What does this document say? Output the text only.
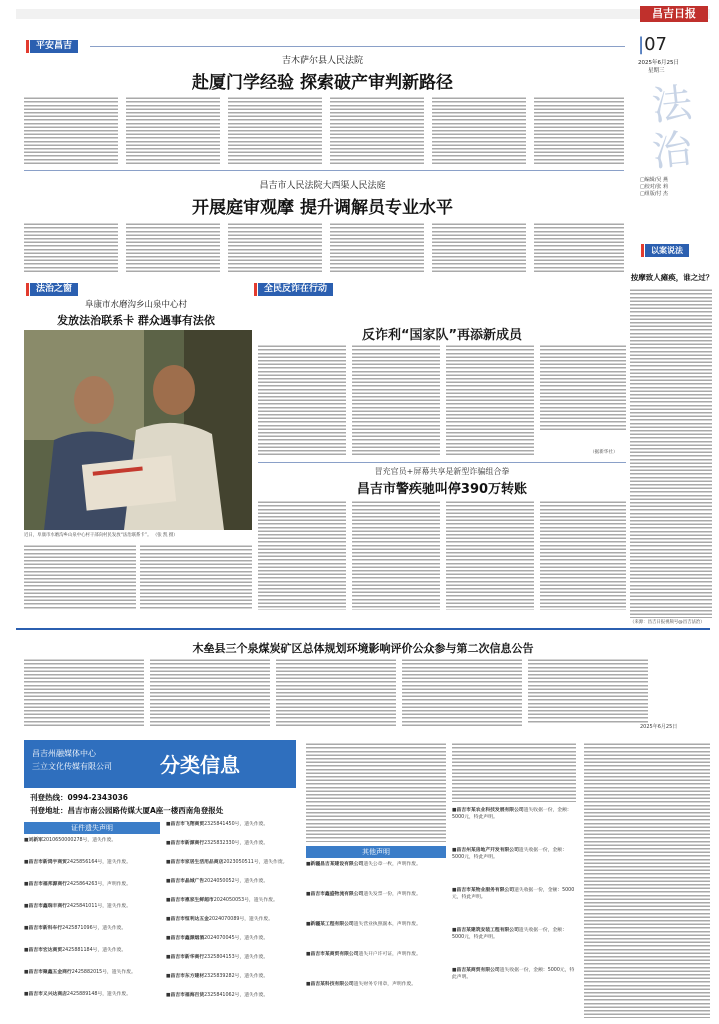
昌吉日报
|07
2025年6月25日
星期三
法
治
□编辑/吴 燕
□校对/张 莉
□组版/付 杰
平安昌吉
吉木萨尔县人民法院
赴厦门学经验 探索破产审判新路径
昌吉市人民法院大西渠人民法庭
开展庭审观摩 提升调解员专业水平
以案说法
按摩致人瘫痪，谁之过？
（来源：昌吉日报视频号@昌吉法治）
法治之窗	全民反诈在行动
阜康市水磨沟乡山泉中心村
发放法治联系卡 群众遇事有法依
近日，阜康市水磨沟乡山泉中心村干部向村民发放“法治联系卡”。 （张 凯 摄）
反诈利“国家队”再添新成员
（据新华社）
冒充官员+屏幕共享是新型诈骗组合拳
昌吉市警疾驰叫停390万转账
木垒县三个泉煤炭矿区总体规划环境影响评价公众参与第二次信息公告
2025年6月25日
昌吉州融媒体中心
三立文化传媒有限公司 分类信息
刊登热线：0994-2343036
刊登地址：昌吉市南公园路传媒大厦A座一楼西南角登报处
证件遗失声明
■刘新军2010650000278号，遗失作废。
■昌吉市新鸿宇商贸2425856164号，遗失作废。
■昌吉市福邦源商行2425864263号，声明作废。
■昌吉市鑫瑞丰商行2425841011号，遗失作废。
■昌吉市新科车行2425871096号，遗失作废。
■昌吉市宏达商贸2425881184号，遗失作废。
■昌吉市聚鑫五金商行2425882015号，遗失作废。
■昌吉市义兴达商店2425889148号，遗失作废。
■昌吉市飞翔商贸2325841450号，遗失作废。
■昌吉市新源商行2325832330号，遗失作废。
■昌吉市家居生活用品商店2023050511号，遗失作废。
■昌吉市晶城广告2024050052号，遗失作废。
■昌吉市惠家生鲜超市2024050053号，遗失作废。
■昌吉市恒利达五金2024070089号，遗失作废。
■昌吉市鑫源烟酒2024070045号，遗失作废。
■昌吉市新华商行2325804153号，遗失作废。
■昌吉市东方建材2325839282号，遗失作废。
■昌吉市福海百货2325841062号，遗失作废。
其他声明
■新疆昌吉某建设有限公司遗失公章一枚，声明作废。
■昌吉市鑫盛物流有限公司遗失发票一份，声明作废。
■新疆某工程有限公司遗失营业执照副本，声明作废。
■昌吉市某商贸有限公司遗失开户许可证，声明作废。
■昌吉某科技有限公司遗失财务专用章，声明作废。
■昌吉市某农业科技发展有限公司遗失收据一份，金额：5000元，特此声明。
■昌吉州某房地产开发有限公司遗失收据一份，金额：5000元，特此声明。
■昌吉市某物业服务有限公司遗失收据一份，金额：5000元，特此声明。
■昌吉某建筑安装工程有限公司遗失收据一份，金额：5000元，特此声明。
■昌吉某商贸有限公司遗失收据一份，金额：5000元，特此声明。
